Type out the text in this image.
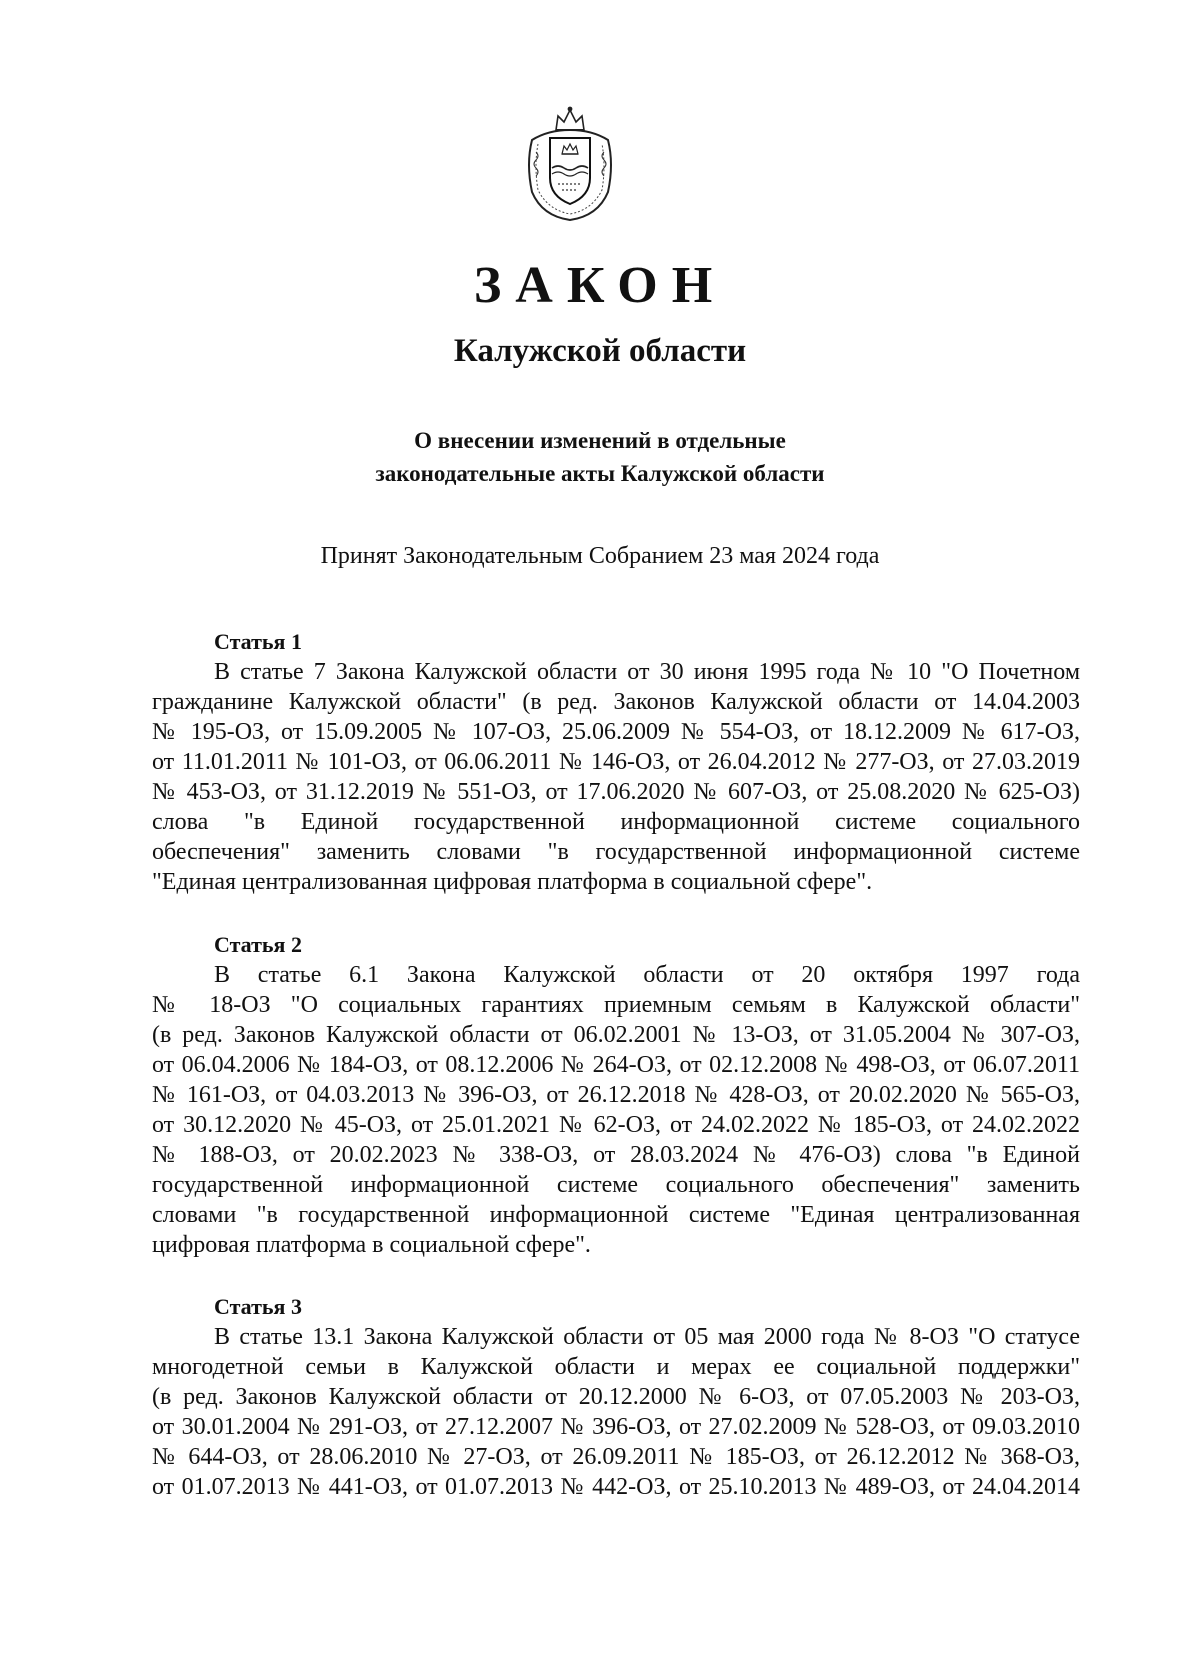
ЗАКОН
Калужской области
О внесении изменений в отдельные
законодательные акты Калужской области
Принят Законодательным Собранием 23 мая 2024 года
Статья 1
В статье 7 Закона Калужской области от 30 июня 1995 года № 10 "О Почетном
гражданине Калужской области" (в ред. Законов Калужской области от 14.04.2003
№ 195-ОЗ, от 15.09.2005 № 107-ОЗ, 25.06.2009 № 554-ОЗ, от 18.12.2009 № 617-ОЗ,
от 11.01.2011 № 101-ОЗ, от 06.06.2011 № 146-ОЗ, от 26.04.2012 № 277-ОЗ, от 27.03.2019
№ 453-ОЗ, от 31.12.2019 № 551-ОЗ, от 17.06.2020 № 607-ОЗ, от 25.08.2020 № 625-ОЗ)
слова "в Единой государственной информационной системе социального
обеспечения" заменить словами "в государственной информационной системе
"Единая централизованная цифровая платформа в социальной сфере".
Статья 2
В статье 6.1 Закона Калужской области от 20 октября 1997 года
№ 18-ОЗ "О социальных гарантиях приемным семьям в Калужской области"
(в ред. Законов Калужской области от 06.02.2001 № 13-ОЗ, от 31.05.2004 № 307-ОЗ,
от 06.04.2006 № 184-ОЗ, от 08.12.2006 № 264-ОЗ, от 02.12.2008 № 498-ОЗ, от 06.07.2011
№ 161-ОЗ, от 04.03.2013 № 396-ОЗ, от 26.12.2018 № 428-ОЗ, от 20.02.2020 № 565-ОЗ,
от 30.12.2020 № 45-ОЗ, от 25.01.2021 № 62-ОЗ, от 24.02.2022 № 185-ОЗ, от 24.02.2022
№ 188-ОЗ, от 20.02.2023 № 338-ОЗ, от 28.03.2024 № 476-ОЗ) слова "в Единой
государственной информационной системе социального обеспечения" заменить
словами "в государственной информационной системе "Единая централизованная
цифровая платформа в социальной сфере".
Статья 3
В статье 13.1 Закона Калужской области от 05 мая 2000 года № 8-ОЗ "О статусе
многодетной семьи в Калужской области и мерах ее социальной поддержки"
(в ред. Законов Калужской области от 20.12.2000 № 6-ОЗ, от 07.05.2003 № 203-ОЗ,
от 30.01.2004 № 291-ОЗ, от 27.12.2007 № 396-ОЗ, от 27.02.2009 № 528-ОЗ, от 09.03.2010
№ 644-ОЗ, от 28.06.2010 № 27-ОЗ, от 26.09.2011 № 185-ОЗ, от 26.12.2012 № 368-ОЗ,
от 01.07.2013 № 441-ОЗ, от 01.07.2013 № 442-ОЗ, от 25.10.2013 № 489-ОЗ, от 24.04.2014
